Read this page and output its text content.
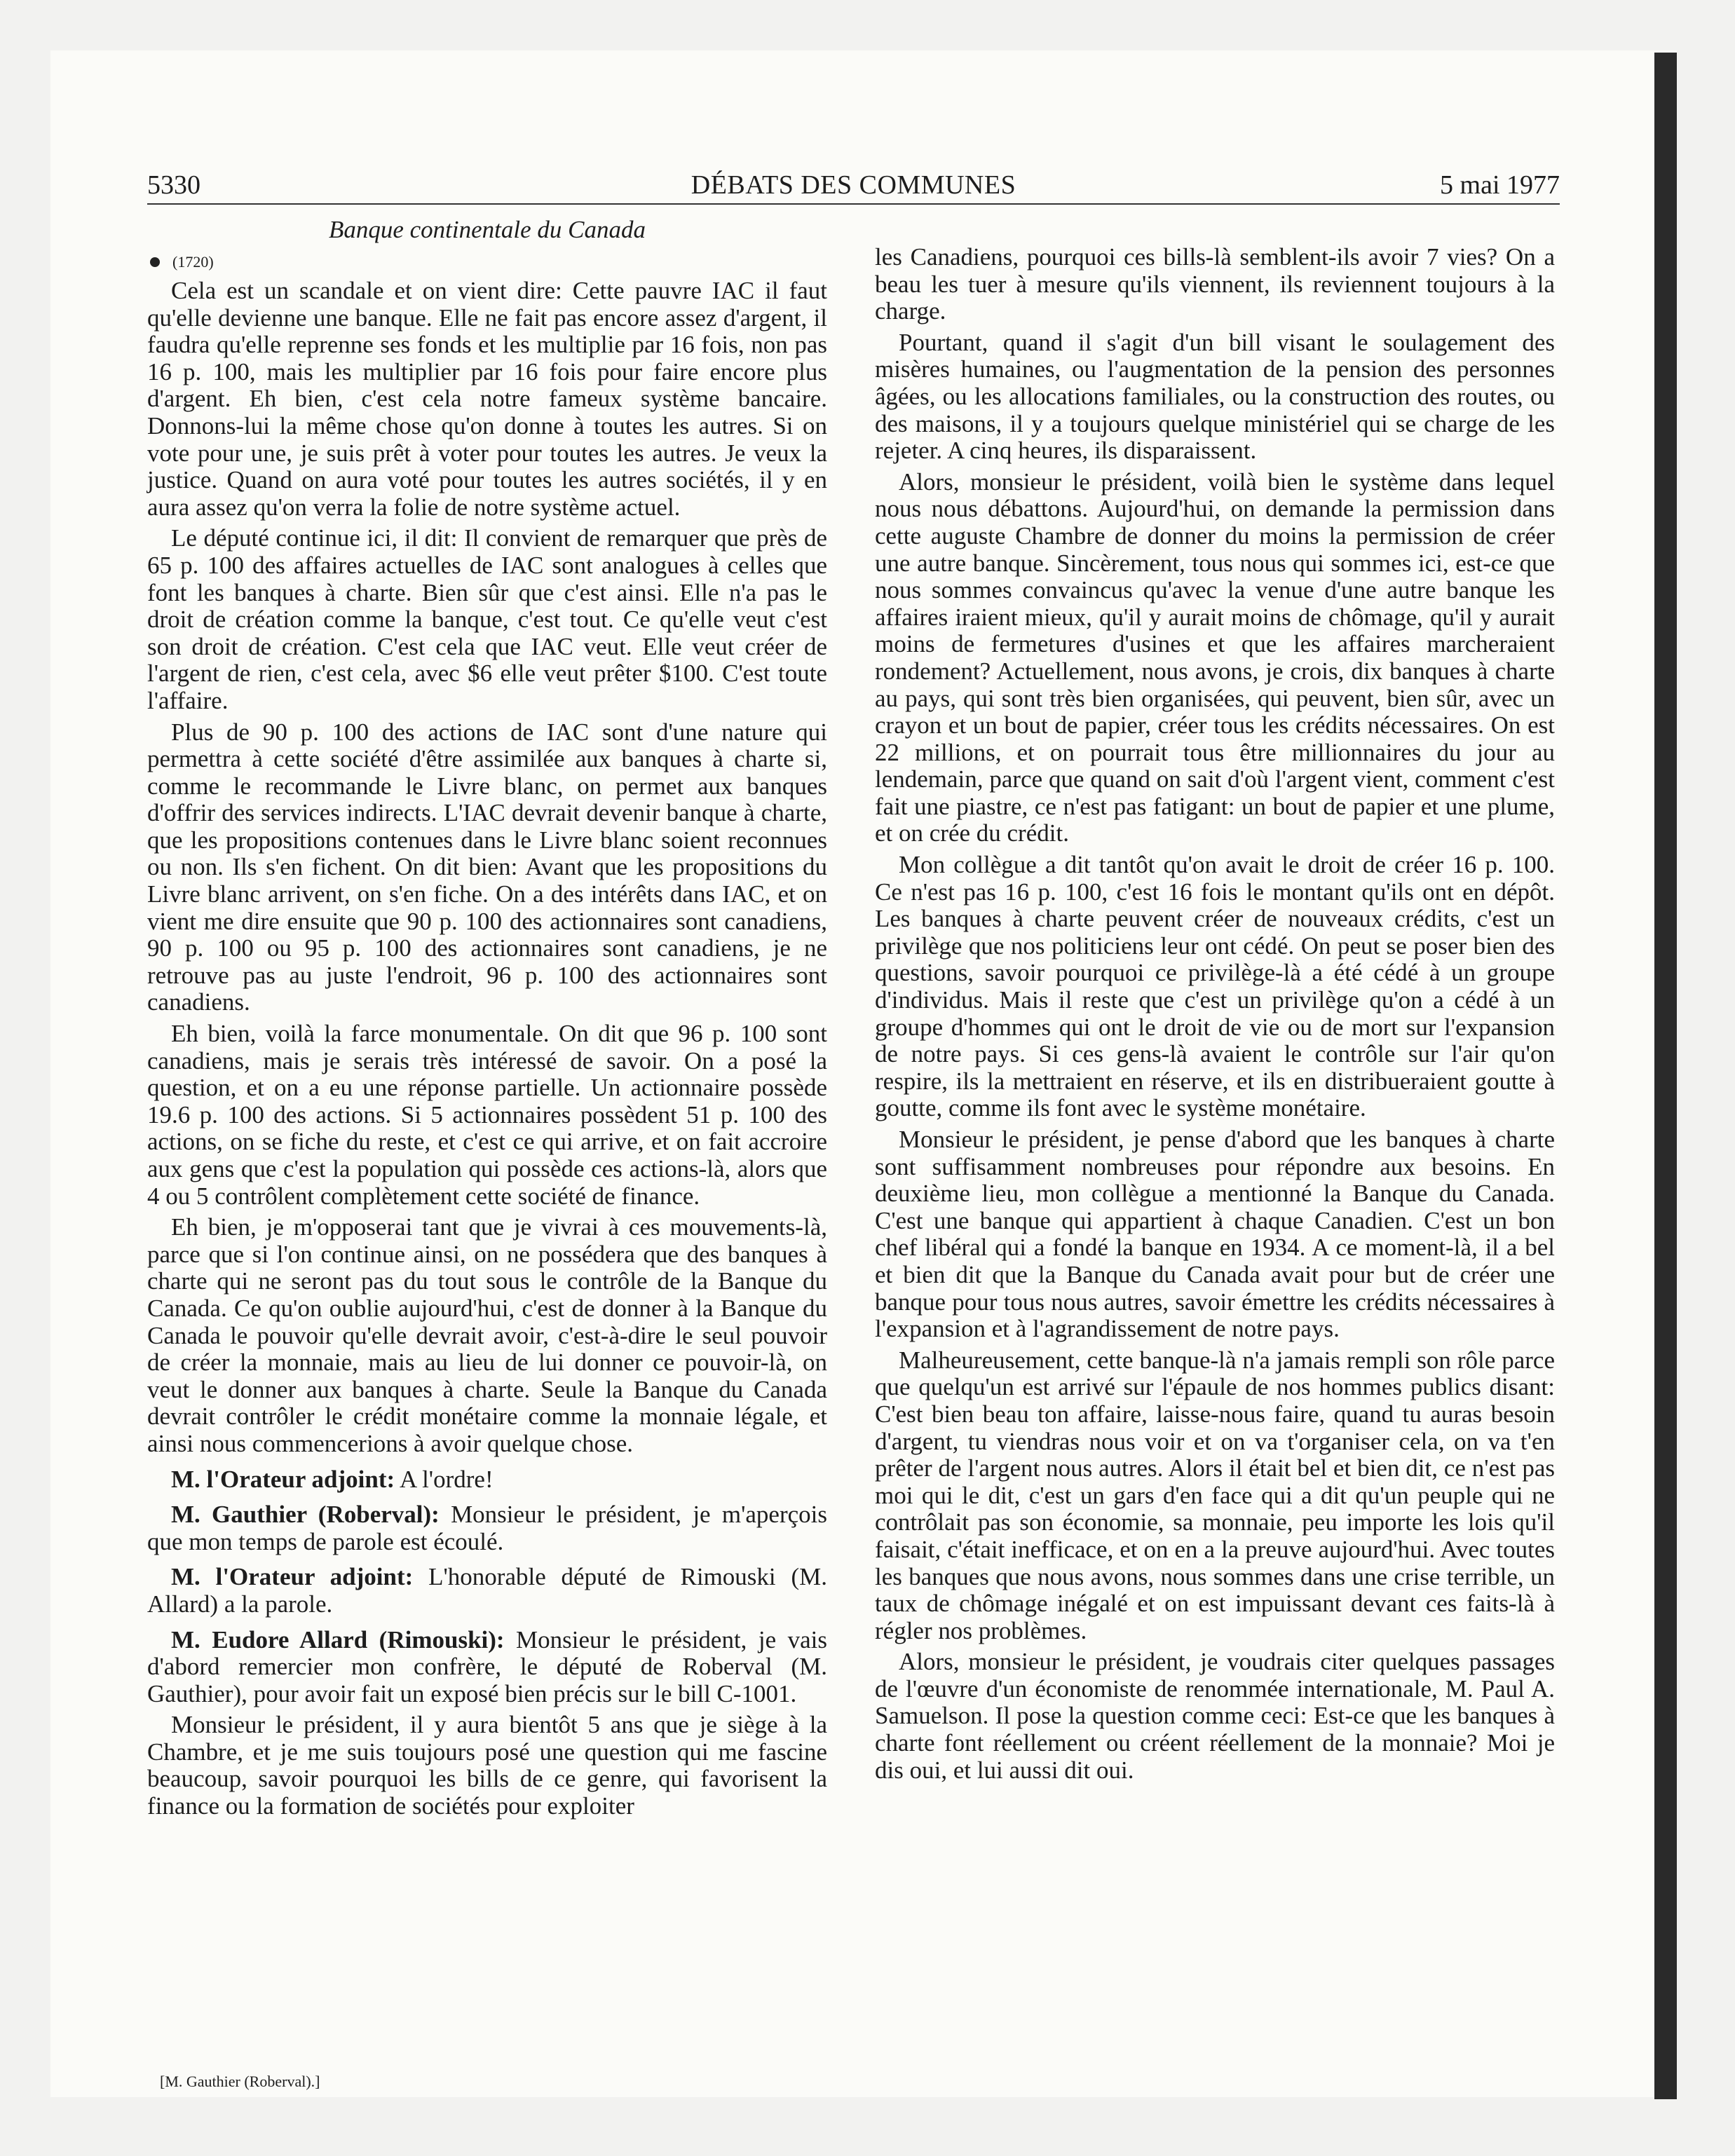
5330	DÉBATS DES COMMUNES	5 mai 1977
Banque continentale du Canada
(1720)

Cela est un scandale et on vient dire: Cette pauvre IAC il faut qu'elle devienne une banque. Elle ne fait pas encore assez d'argent, il faudra qu'elle reprenne ses fonds et les multiplie par 16 fois, non pas 16 p. 100, mais les multiplier par 16 fois pour faire encore plus d'argent. Eh bien, c'est cela notre fameux système bancaire. Donnons-lui la même chose qu'on donne à toutes les autres. Si on vote pour une, je suis prêt à voter pour toutes les autres. Je veux la justice. Quand on aura voté pour toutes les autres sociétés, il y en aura assez qu'on verra la folie de notre système actuel.

Le député continue ici, il dit: Il convient de remarquer que près de 65 p. 100 des affaires actuelles de IAC sont analogues à celles que font les banques à charte. Bien sûr que c'est ainsi. Elle n'a pas le droit de création comme la banque, c'est tout. Ce qu'elle veut c'est son droit de création. C'est cela que IAC veut. Elle veut créer de l'argent de rien, c'est cela, avec $6 elle veut prêter $100. C'est toute l'affaire.

Plus de 90 p. 100 des actions de IAC sont d'une nature qui permettra à cette société d'être assimilée aux banques à charte si, comme le recommande le Livre blanc, on permet aux banques d'offrir des services indirects. L'IAC devrait devenir banque à charte, que les propositions contenues dans le Livre blanc soient reconnues ou non. Ils s'en fichent. On dit bien: Avant que les propositions du Livre blanc arrivent, on s'en fiche. On a des intérêts dans IAC, et on vient me dire ensuite que 90 p. 100 des actionnaires sont canadiens, 90 p. 100 ou 95 p. 100 des actionnaires sont canadiens, je ne retrouve pas au juste l'endroit, 96 p. 100 des actionnaires sont canadiens.

Eh bien, voilà la farce monumentale. On dit que 96 p. 100 sont canadiens, mais je serais très intéressé de savoir. On a posé la question, et on a eu une réponse partielle. Un actionnaire possède 19.6 p. 100 des actions. Si 5 actionnaires possèdent 51 p. 100 des actions, on se fiche du reste, et c'est ce qui arrive, et on fait accroire aux gens que c'est la population qui possède ces actions-là, alors que 4 ou 5 contrôlent complètement cette société de finance.

Eh bien, je m'opposerai tant que je vivrai à ces mouvements-là, parce que si l'on continue ainsi, on ne possédera que des banques à charte qui ne seront pas du tout sous le contrôle de la Banque du Canada. Ce qu'on oublie aujourd'hui, c'est de donner à la Banque du Canada le pouvoir qu'elle devrait avoir, c'est-à-dire le seul pouvoir de créer la monnaie, mais au lieu de lui donner ce pouvoir-là, on veut le donner aux banques à charte. Seule la Banque du Canada devrait contrôler le crédit monétaire comme la monnaie légale, et ainsi nous commencerions à avoir quelque chose.

M. l'Orateur adjoint: A l'ordre!

M. Gauthier (Roberval): Monsieur le président, je m'aperçois que mon temps de parole est écoulé.

M. l'Orateur adjoint: L'honorable député de Rimouski (M. Allard) a la parole.

M. Eudore Allard (Rimouski): Monsieur le président, je vais d'abord remercier mon confrère, le député de Roberval (M. Gauthier), pour avoir fait un exposé bien précis sur le bill C-1001.

Monsieur le président, il y aura bientôt 5 ans que je siège à la Chambre, et je me suis toujours posé une question qui me fascine beaucoup, savoir pourquoi les bills de ce genre, qui favorisent la finance ou la formation de sociétés pour exploiter

les Canadiens, pourquoi ces bills-là semblent-ils avoir 7 vies? On a beau les tuer à mesure qu'ils viennent, ils reviennent toujours à la charge.

Pourtant, quand il s'agit d'un bill visant le soulagement des misères humaines, ou l'augmentation de la pension des personnes âgées, ou les allocations familiales, ou la construction des routes, ou des maisons, il y a toujours quelque ministériel qui se charge de les rejeter. A cinq heures, ils disparaissent.

Alors, monsieur le président, voilà bien le système dans lequel nous nous débattons. Aujourd'hui, on demande la permission dans cette auguste Chambre de donner du moins la permission de créer une autre banque. Sincèrement, tous nous qui sommes ici, est-ce que nous sommes convaincus qu'avec la venue d'une autre banque les affaires iraient mieux, qu'il y aurait moins de chômage, qu'il y aurait moins de fermetures d'usines et que les affaires marcheraient rondement? Actuellement, nous avons, je crois, dix banques à charte au pays, qui sont très bien organisées, qui peuvent, bien sûr, avec un crayon et un bout de papier, créer tous les crédits nécessaires. On est 22 millions, et on pourrait tous être millionnaires du jour au lendemain, parce que quand on sait d'où l'argent vient, comment c'est fait une piastre, ce n'est pas fatigant: un bout de papier et une plume, et on crée du crédit.

Mon collègue a dit tantôt qu'on avait le droit de créer 16 p. 100. Ce n'est pas 16 p. 100, c'est 16 fois le montant qu'ils ont en dépôt. Les banques à charte peuvent créer de nouveaux crédits, c'est un privilège que nos politiciens leur ont cédé. On peut se poser bien des questions, savoir pourquoi ce privilège-là a été cédé à un groupe d'individus. Mais il reste que c'est un privilège qu'on a cédé à un groupe d'hommes qui ont le droit de vie ou de mort sur l'expansion de notre pays. Si ces gens-là avaient le contrôle sur l'air qu'on respire, ils la mettraient en réserve, et ils en distribueraient goutte à goutte, comme ils font avec le système monétaire.

Monsieur le président, je pense d'abord que les banques à charte sont suffisamment nombreuses pour répondre aux besoins. En deuxième lieu, mon collègue a mentionné la Banque du Canada. C'est une banque qui appartient à chaque Canadien. C'est un bon chef libéral qui a fondé la banque en 1934. A ce moment-là, il a bel et bien dit que la Banque du Canada avait pour but de créer une banque pour tous nous autres, savoir émettre les crédits nécessaires à l'expansion et à l'agrandissement de notre pays.

Malheureusement, cette banque-là n'a jamais rempli son rôle parce que quelqu'un est arrivé sur l'épaule de nos hommes publics disant: C'est bien beau ton affaire, laisse-nous faire, quand tu auras besoin d'argent, tu viendras nous voir et on va t'organiser cela, on va t'en prêter de l'argent nous autres. Alors il était bel et bien dit, ce n'est pas moi qui le dit, c'est un gars d'en face qui a dit qu'un peuple qui ne contrôlait pas son économie, sa monnaie, peu importe les lois qu'il faisait, c'était inefficace, et on en a la preuve aujourd'hui. Avec toutes les banques que nous avons, nous sommes dans une crise terrible, un taux de chômage inégalé et on est impuissant devant ces faits-là à régler nos problèmes.

Alors, monsieur le président, je voudrais citer quelques passages de l'œuvre d'un économiste de renommée internationale, M. Paul A. Samuelson. Il pose la question comme ceci: Est-ce que les banques à charte font réellement ou créent réellement de la monnaie? Moi je dis oui, et lui aussi dit oui.

[M. Gauthier (Roberval).]
